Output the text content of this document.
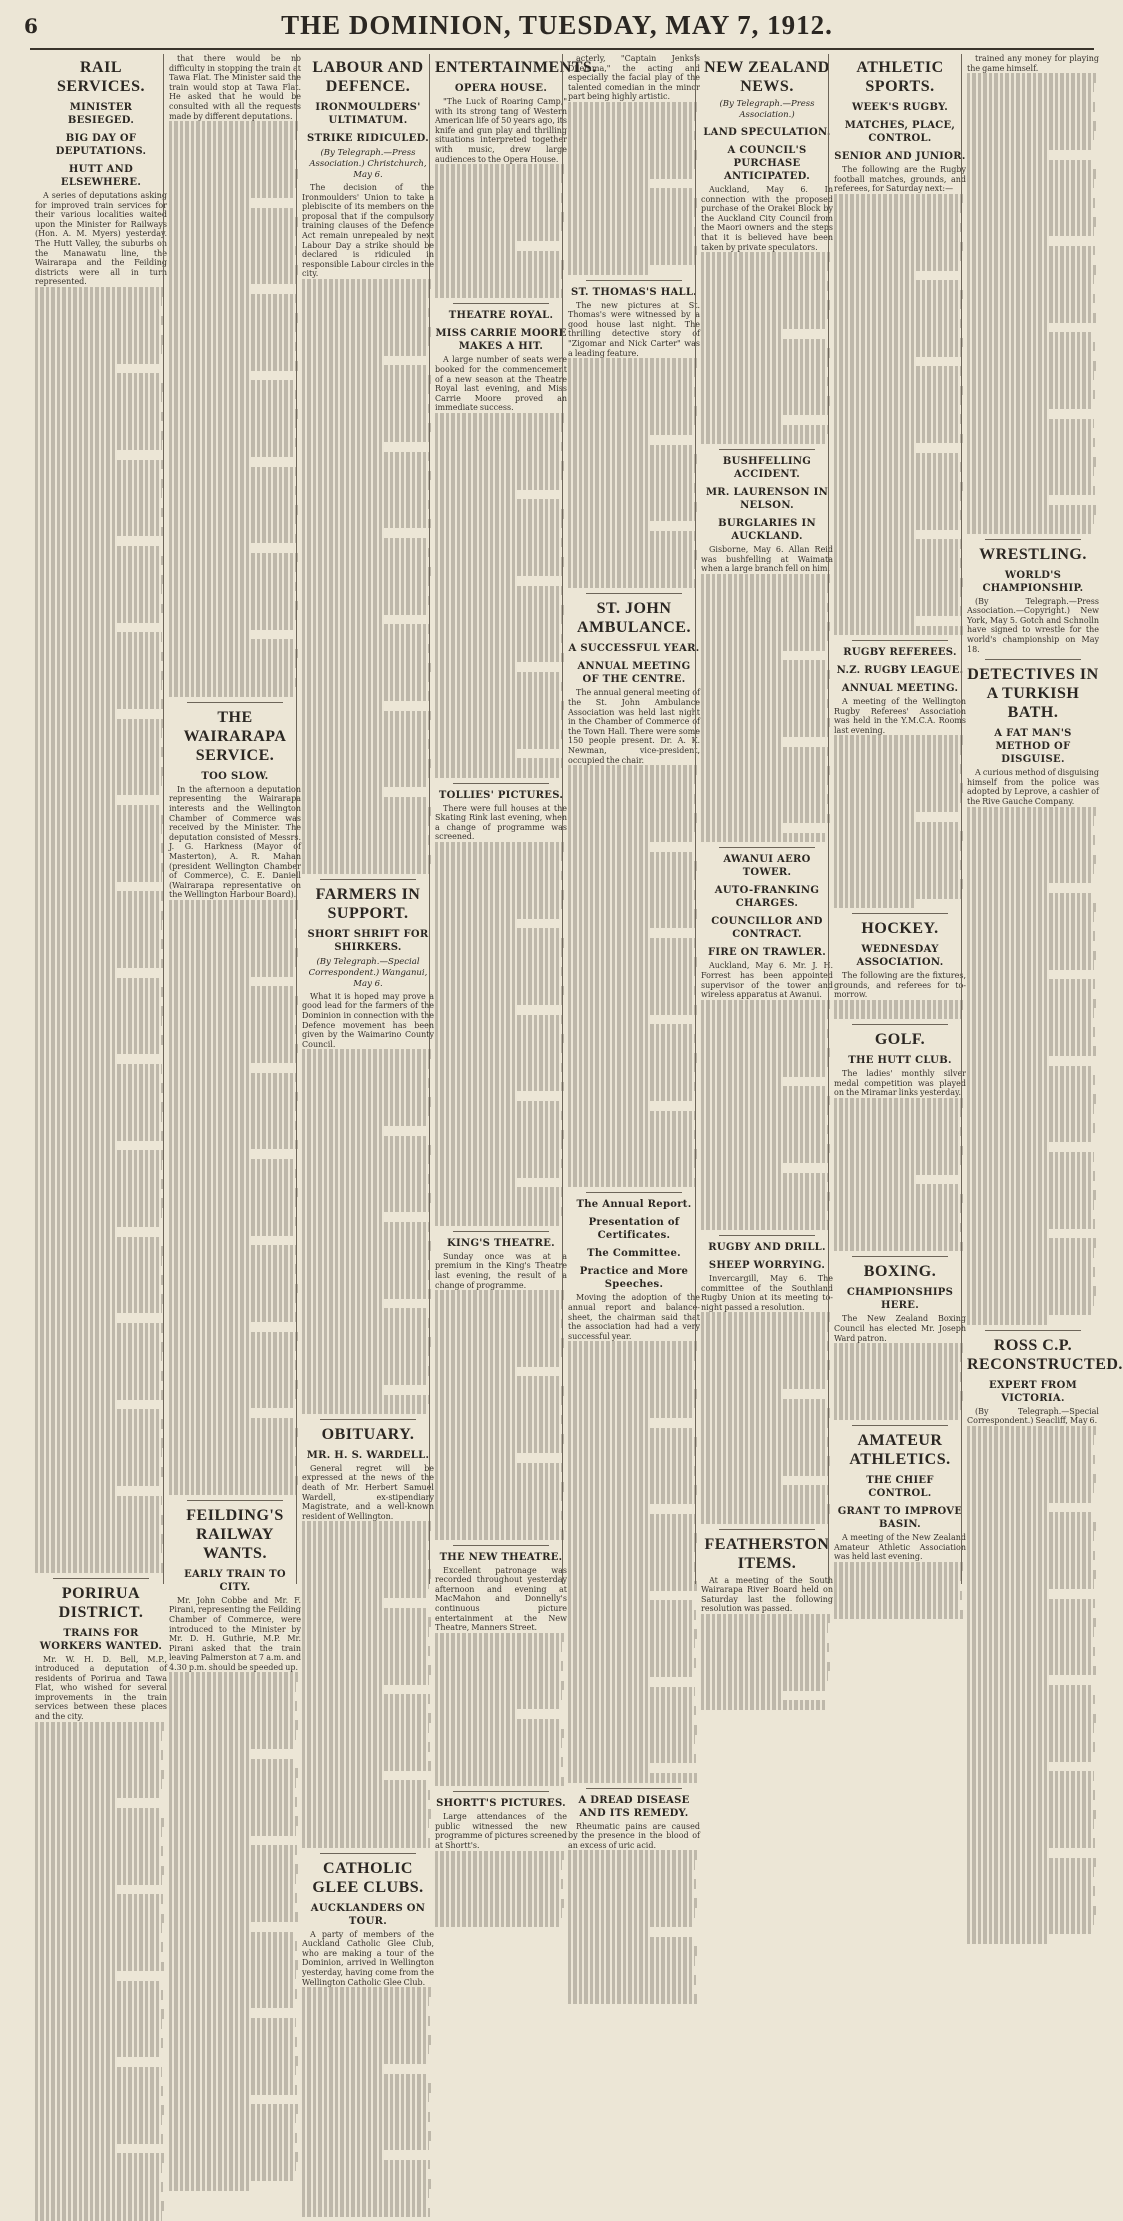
6	THE DOMINION, TUESDAY, MAY 7, 1912.
RAIL SERVICES.
MINISTER BESIEGED.
BIG DAY OF DEPUTATIONS.
HUTT AND ELSEWHERE.

A series of deputations asking for improved train services for their various localities waited upon the Minister for Railways (Hon. A. M. Myers) yesterday. The Hutt Valley, the suburbs on the Manawatu line, the Wairarapa and the Feilding districts were all in turn represented.

PORIRUA DISTRICT.
TRAINS FOR WORKERS WANTED.

Mr. W. H. D. Bell, M.P., introduced a deputation of residents of Porirua and Tawa Flat, who wished for several improvements in the train services between these places and the city.

that there would be no difficulty in stopping the train at Tawa Flat. The Minister said the train would stop at Tawa Flat. He asked that he would be consulted with all the requests made by different deputations.

THE WAIRARAPA SERVICE.
TOO SLOW.

In the afternoon a deputation representing the Wairarapa interests and the Wellington Chamber of Commerce was received by the Minister. The deputation consisted of Messrs. J. G. Harkness (Mayor of Masterton), A. R. Mahan (president Wellington Chamber of Commerce), C. E. Daniell (Wairarapa representative on the Wellington Harbour Board).

FEILDING'S RAILWAY WANTS.
EARLY TRAIN TO CITY.

Mr. John Cobbe and Mr. F. Pirani, representing the Feilding Chamber of Commerce, were introduced to the Minister by Mr. D. H. Guthrie, M.P. Mr. Pirani asked that the train leaving Palmerston at 7 a.m. and 4.30 p.m. should be speeded up.

LABOUR AND DEFENCE.
IRONMOULDERS' ULTIMATUM.
STRIKE RIDICULED.
(By Telegraph.—Press Association.) Christchurch, May 6.

The decision of the Ironmoulders' Union to take a plebiscite of its members on the proposal that if the compulsory training clauses of the Defence Act remain unrepealed by next Labour Day a strike should be declared is ridiculed in responsible Labour circles in the city.

FARMERS IN SUPPORT.
SHORT SHRIFT FOR SHIRKERS.
(By Telegraph.—Special Correspondent.) Wanganui, May 6.

What it is hoped may prove a good lead for the farmers of the Dominion in connection with the Defence movement has been given by the Waimarino County Council.

OBITUARY.
MR. H. S. WARDELL.

General regret will be expressed at the news of the death of Mr. Herbert Samuel Wardell, ex-stipendiary Magistrate, and a well-known resident of Wellington.

CATHOLIC GLEE CLUBS.
AUCKLANDERS ON TOUR.

A party of members of the Auckland Catholic Glee Club, who are making a tour of the Dominion, arrived in Wellington yesterday, having come from the Wellington Catholic Glee Club.

ENTERTAINMENTS.
OPERA HOUSE.

"The Luck of Roaring Camp," with its strong tang of Western American life of 50 years ago, its knife and gun play and thrilling situations interpreted together with music, drew large audiences to the Opera House.

THEATRE ROYAL.
MISS CARRIE MOORE MAKES A HIT.

A large number of seats were booked for the commencement of a new season at the Theatre Royal last evening, and Miss Carrie Moore proved an immediate success.

TOLLIES' PICTURES.

There were full houses at the Skating Rink last evening, when a change of programme was screened.

KING'S THEATRE.

Sunday once was at a premium in the King's Theatre last evening, the result of a change of programme.

THE NEW THEATRE.

Excellent patronage was recorded throughout yesterday afternoon and evening at MacMahon and Donnelly's continuous picture entertainment at the New Theatre, Manners Street.

SHORTT'S PICTURES.

Large attendances of the public witnessed the new programme of pictures screened at Shortt's.

acterly, "Captain Jenks's Dilemma," the acting and especially the facial play of the talented comedian in the minor part being highly artistic.

ST. THOMAS'S HALL.

The new pictures at St. Thomas's were witnessed by a good house last night. The thrilling detective story of "Zigomar and Nick Carter" was a leading feature.

ST. JOHN AMBULANCE.
A SUCCESSFUL YEAR.
ANNUAL MEETING OF THE CENTRE.

The annual general meeting of the St. John Ambulance Association was held last night in the Chamber of Commerce of the Town Hall. There were some 150 people present. Dr. A. K. Newman, vice-president, occupied the chair.

The Annual Report.
Presentation of Certificates.
The Committee.
Practice and More Speeches.

Moving the adoption of the annual report and balance-sheet, the chairman said that the association had had a very successful year.

A DREAD DISEASE AND ITS REMEDY.

Rheumatic pains are caused by the presence in the blood of an excess of uric acid.

NEW ZEALAND NEWS.
(By Telegraph.—Press Association.)
LAND SPECULATION.
A COUNCIL'S PURCHASE ANTICIPATED.

Auckland, May 6. In connection with the proposed purchase of the Orakei Block by the Auckland City Council from the Maori owners and the steps that it is believed have been taken by private speculators.

BUSHFELLING ACCIDENT.
MR. LAURENSON IN NELSON.
BURGLARIES IN AUCKLAND.

Gisborne, May 6. Allan Reid was bushfelling at Waimata when a large branch fell on him.

AWANUI AERO TOWER.
AUTO-FRANKING CHARGES.
COUNCILLOR AND CONTRACT.
FIRE ON TRAWLER.

Auckland, May 6. Mr. J. H. Forrest has been appointed supervisor of the tower and wireless apparatus at Awanui.

RUGBY AND DRILL.
SHEEP WORRYING.

Invercargill, May 6. The committee of the Southland Rugby Union at its meeting to-night passed a resolution.

FEATHERSTON ITEMS.

At a meeting of the South Wairarapa River Board held on Saturday last the following resolution was passed.

ATHLETIC SPORTS.
WEEK'S RUGBY.
MATCHES, PLACE, CONTROL.
SENIOR AND JUNIOR.

The following are the Rugby football matches, grounds, and referees, for Saturday next:—

RUGBY REFEREES.
N.Z. RUGBY LEAGUE.
ANNUAL MEETING.

A meeting of the Wellington Rugby Referees' Association was held in the Y.M.C.A. Rooms last evening.

HOCKEY.
WEDNESDAY ASSOCIATION.

The following are the fixtures, grounds, and referees for to-morrow.

GOLF.
THE HUTT CLUB.

The ladies' monthly silver medal competition was played on the Miramar links yesterday.

BOXING.
CHAMPIONSHIPS HERE.

The New Zealand Boxing Council has elected Mr. Joseph Ward patron.

AMATEUR ATHLETICS.
THE CHIEF CONTROL.
GRANT TO IMPROVE BASIN.

A meeting of the New Zealand Amateur Athletic Association was held last evening.

trained any money for playing the game himself.

WRESTLING.
WORLD'S CHAMPIONSHIP.

(By Telegraph.—Press Association.—Copyright.) New York, May 5. Gotch and Schnolln have signed to wrestle for the world's championship on May 18.

DETECTIVES IN A TURKISH BATH.
A FAT MAN'S METHOD OF DISGUISE.

A curious method of disguising himself from the police was adopted by Leprove, a cashier of the Rive Gauche Company.

ROSS C.P. RECONSTRUCTED.
EXPERT FROM VICTORIA.

(By Telegraph.—Special Correspondent.) Seacliff, May 6.
